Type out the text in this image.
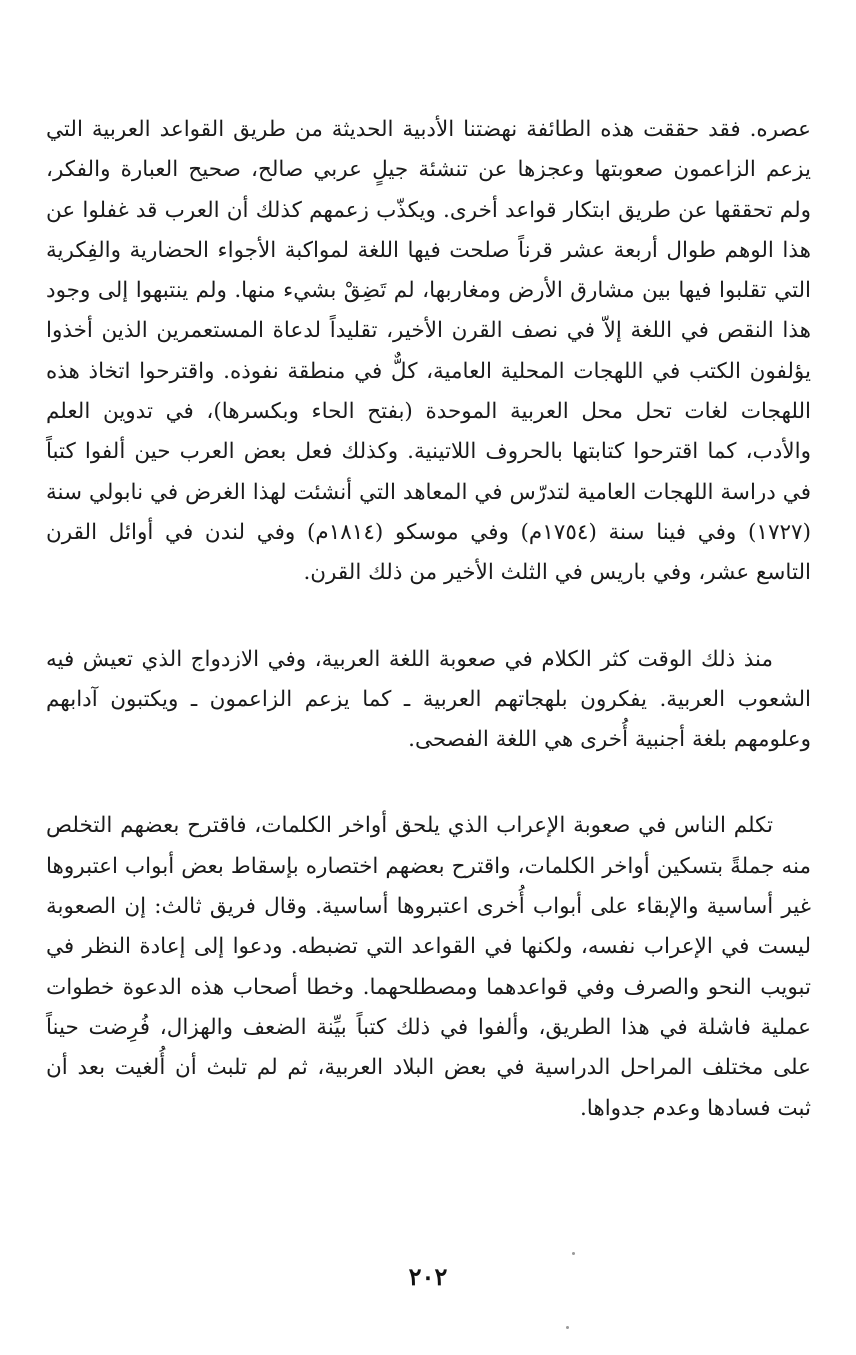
عصره. فقد حققت هذه الطائفة نهضتنا الأدبية الحديثة من طريق القواعد العربية التي يزعم الزاعمون صعوبتها وعجزها عن تنشئة جيلٍ عربي صالح، صحيح العبارة والفكر، ولم تحققها عن طريق ابتكار قواعد أخرى. ويكذّب زعمهم كذلك أن العرب قد غفلوا عن هذا الوهم طوال أربعة عشر قرناً صلحت فيها اللغة لمواكبة الأجواء الحضارية والفِكرية التي تقلبوا فيها بين مشارق الأرض ومغاربها، لم تَضِقْ بشيء منها. ولم ينتبهوا إلى وجود هذا النقص في اللغة إلاّ في نصف القرن الأخير، تقليداً لدعاة المستعمرين الذين أخذوا يؤلفون الكتب في اللهجات المحلية العامية، كلٌّ في منطقة نفوذه. واقترحوا اتخاذ هذه اللهجات لغات تحل محل العربية الموحدة (بفتح الحاء وبكسرها)، في تدوين العلم والأدب، كما اقترحوا كتابتها بالحروف اللاتينية. وكذلك فعل بعض العرب حين ألفوا كتباً في دراسة اللهجات العامية لتدرّس في المعاهد التي أنشئت لهذا الغرض في نابولي سنة (١٧٢٧) وفي فينا سنة (١٧٥٤م) وفي موسكو (١٨١٤م) وفي لندن في أوائل القرن التاسع عشر، وفي باريس في الثلث الأخير من ذلك القرن.

منذ ذلك الوقت كثر الكلام في صعوبة اللغة العربية، وفي الازدواج الذي تعيش فيه الشعوب العربية. يفكرون بلهجاتهم العربية ـ كما يزعم الزاعمون ـ ويكتبون آدابهم وعلومهم بلغة أجنبية أُخرى هي اللغة الفصحى.

تكلم الناس في صعوبة الإعراب الذي يلحق أواخر الكلمات، فاقترح بعضهم التخلص منه جملةً بتسكين أواخر الكلمات، واقترح بعضهم اختصاره بإسقاط بعض أبواب اعتبروها غير أساسية والإبقاء على أبواب أُخرى اعتبروها أساسية. وقال فريق ثالث: إن الصعوبة ليست في الإعراب نفسه، ولكنها في القواعد التي تضبطه. ودعوا إلى إعادة النظر في تبويب النحو والصرف وفي قواعدهما ومصطلحهما. وخطا أصحاب هذه الدعوة خطوات عملية فاشلة في هذا الطريق، وألفوا في ذلك كتباً بيِّنة الضعف والهزال، فُرِضت حيناً على مختلف المراحل الدراسية في بعض البلاد العربية، ثم لم تلبث أن أُلغيت بعد أن ثبت فسادها وعدم جدواها.

٢٠٢
